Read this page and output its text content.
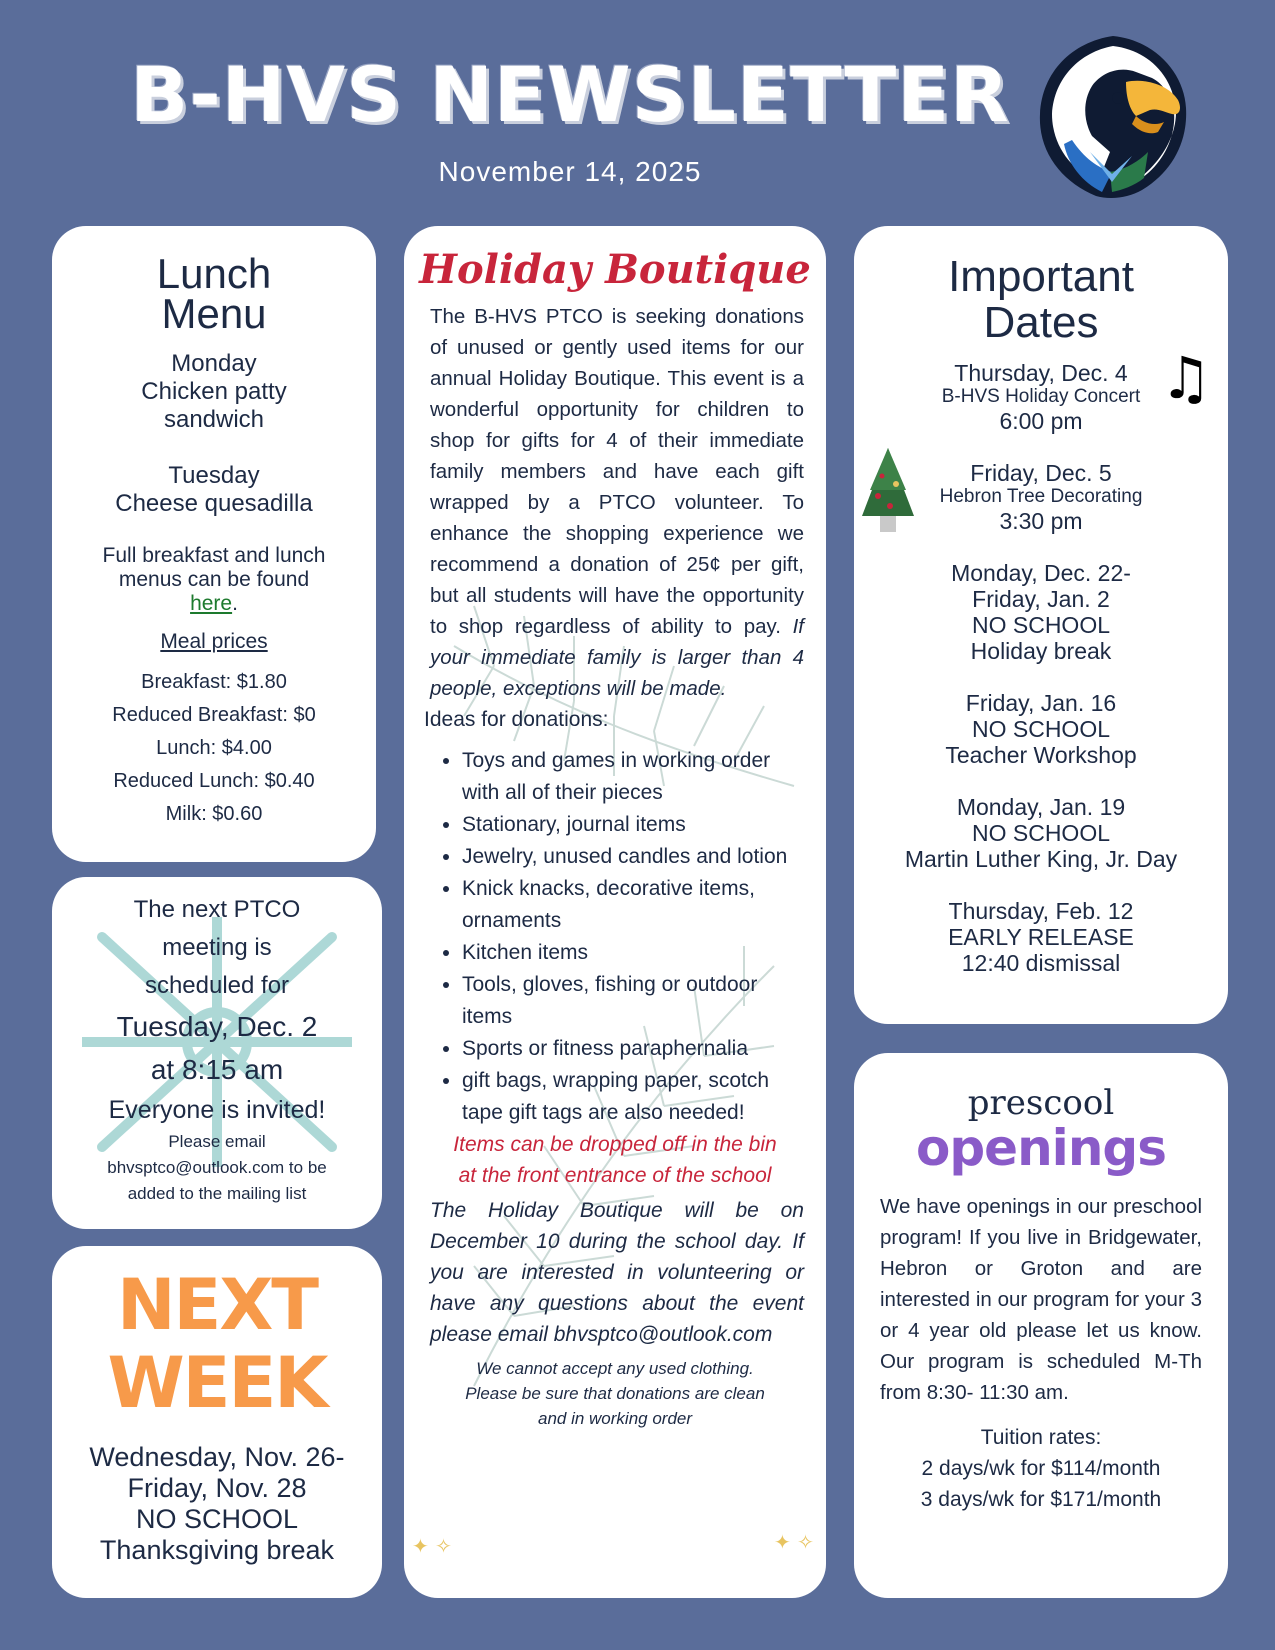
B-HVS NEWSLETTER
November 14, 2025
Lunch Menu
Monday
Chicken patty sandwich
Tuesday
Cheese quesadilla
Full breakfast and lunch menus can be found here.
Meal prices
Breakfast: $1.80
Reduced Breakfast: $0
Lunch: $4.00
Reduced Lunch: $0.40
Milk: $0.60
The next PTCO
meeting is
scheduled for
Tuesday, Dec. 2
at 8:15 am
Everyone is invited!
Please email
bhvsptco@outlook.com to be
added to the mailing list
NEXT
WEEK
Wednesday, Nov. 26-
Friday, Nov. 28
NO SCHOOL
Thanksgiving break
Holiday Boutique
The B-HVS PTCO is seeking donations of unused or gently used items for our annual Holiday Boutique. This event is a wonderful opportunity for children to shop for gifts for 4 of their immediate family members and have each gift wrapped by a PTCO volunteer. To enhance the shopping experience we recommend a donation of 25¢ per gift, but all students will have the opportunity to shop regardless of ability to pay. If your immediate family is larger than 4 people, exceptions will be made.
Ideas for donations:
• Toys and games in working order with all of their pieces
• Stationary, journal items
• Jewelry, unused candles and lotion
• Knick knacks, decorative items, ornaments
• Kitchen items
• Tools, gloves, fishing or outdoor items
• Sports or fitness paraphernalia
• gift bags, wrapping paper, scotch tape gift tags are also needed!
Items can be dropped off in the bin
at the front entrance of the school
The Holiday Boutique will be on December 10 during the school day. If you are interested in volunteering or have any questions about the event please email bhvsptco@outlook.com
We cannot accept any used clothing.
Please be sure that donations are clean
and in working order
✦ ✧	✦ ✧
Important Dates
♫
Thursday, Dec. 4
B-HVS Holiday Concert
6:00 pm
Friday, Dec. 5
Hebron Tree Decorating
3:30 pm
Monday, Dec. 22-
Friday, Jan. 2
NO SCHOOL
Holiday break
Friday, Jan. 16
NO SCHOOL
Teacher Workshop
Monday, Jan. 19
NO SCHOOL
Martin Luther King, Jr. Day
Thursday, Feb. 12
EARLY RELEASE
12:40 dismissal
prescool
openings
We have openings in our preschool program! If you live in Bridgewater, Hebron or Groton and are interested in our program for your 3 or 4 year old please let us know. Our program is scheduled M-Th from 8:30- 11:30 am.
Tuition rates:
2 days/wk for $114/month
3 days/wk for $171/month
